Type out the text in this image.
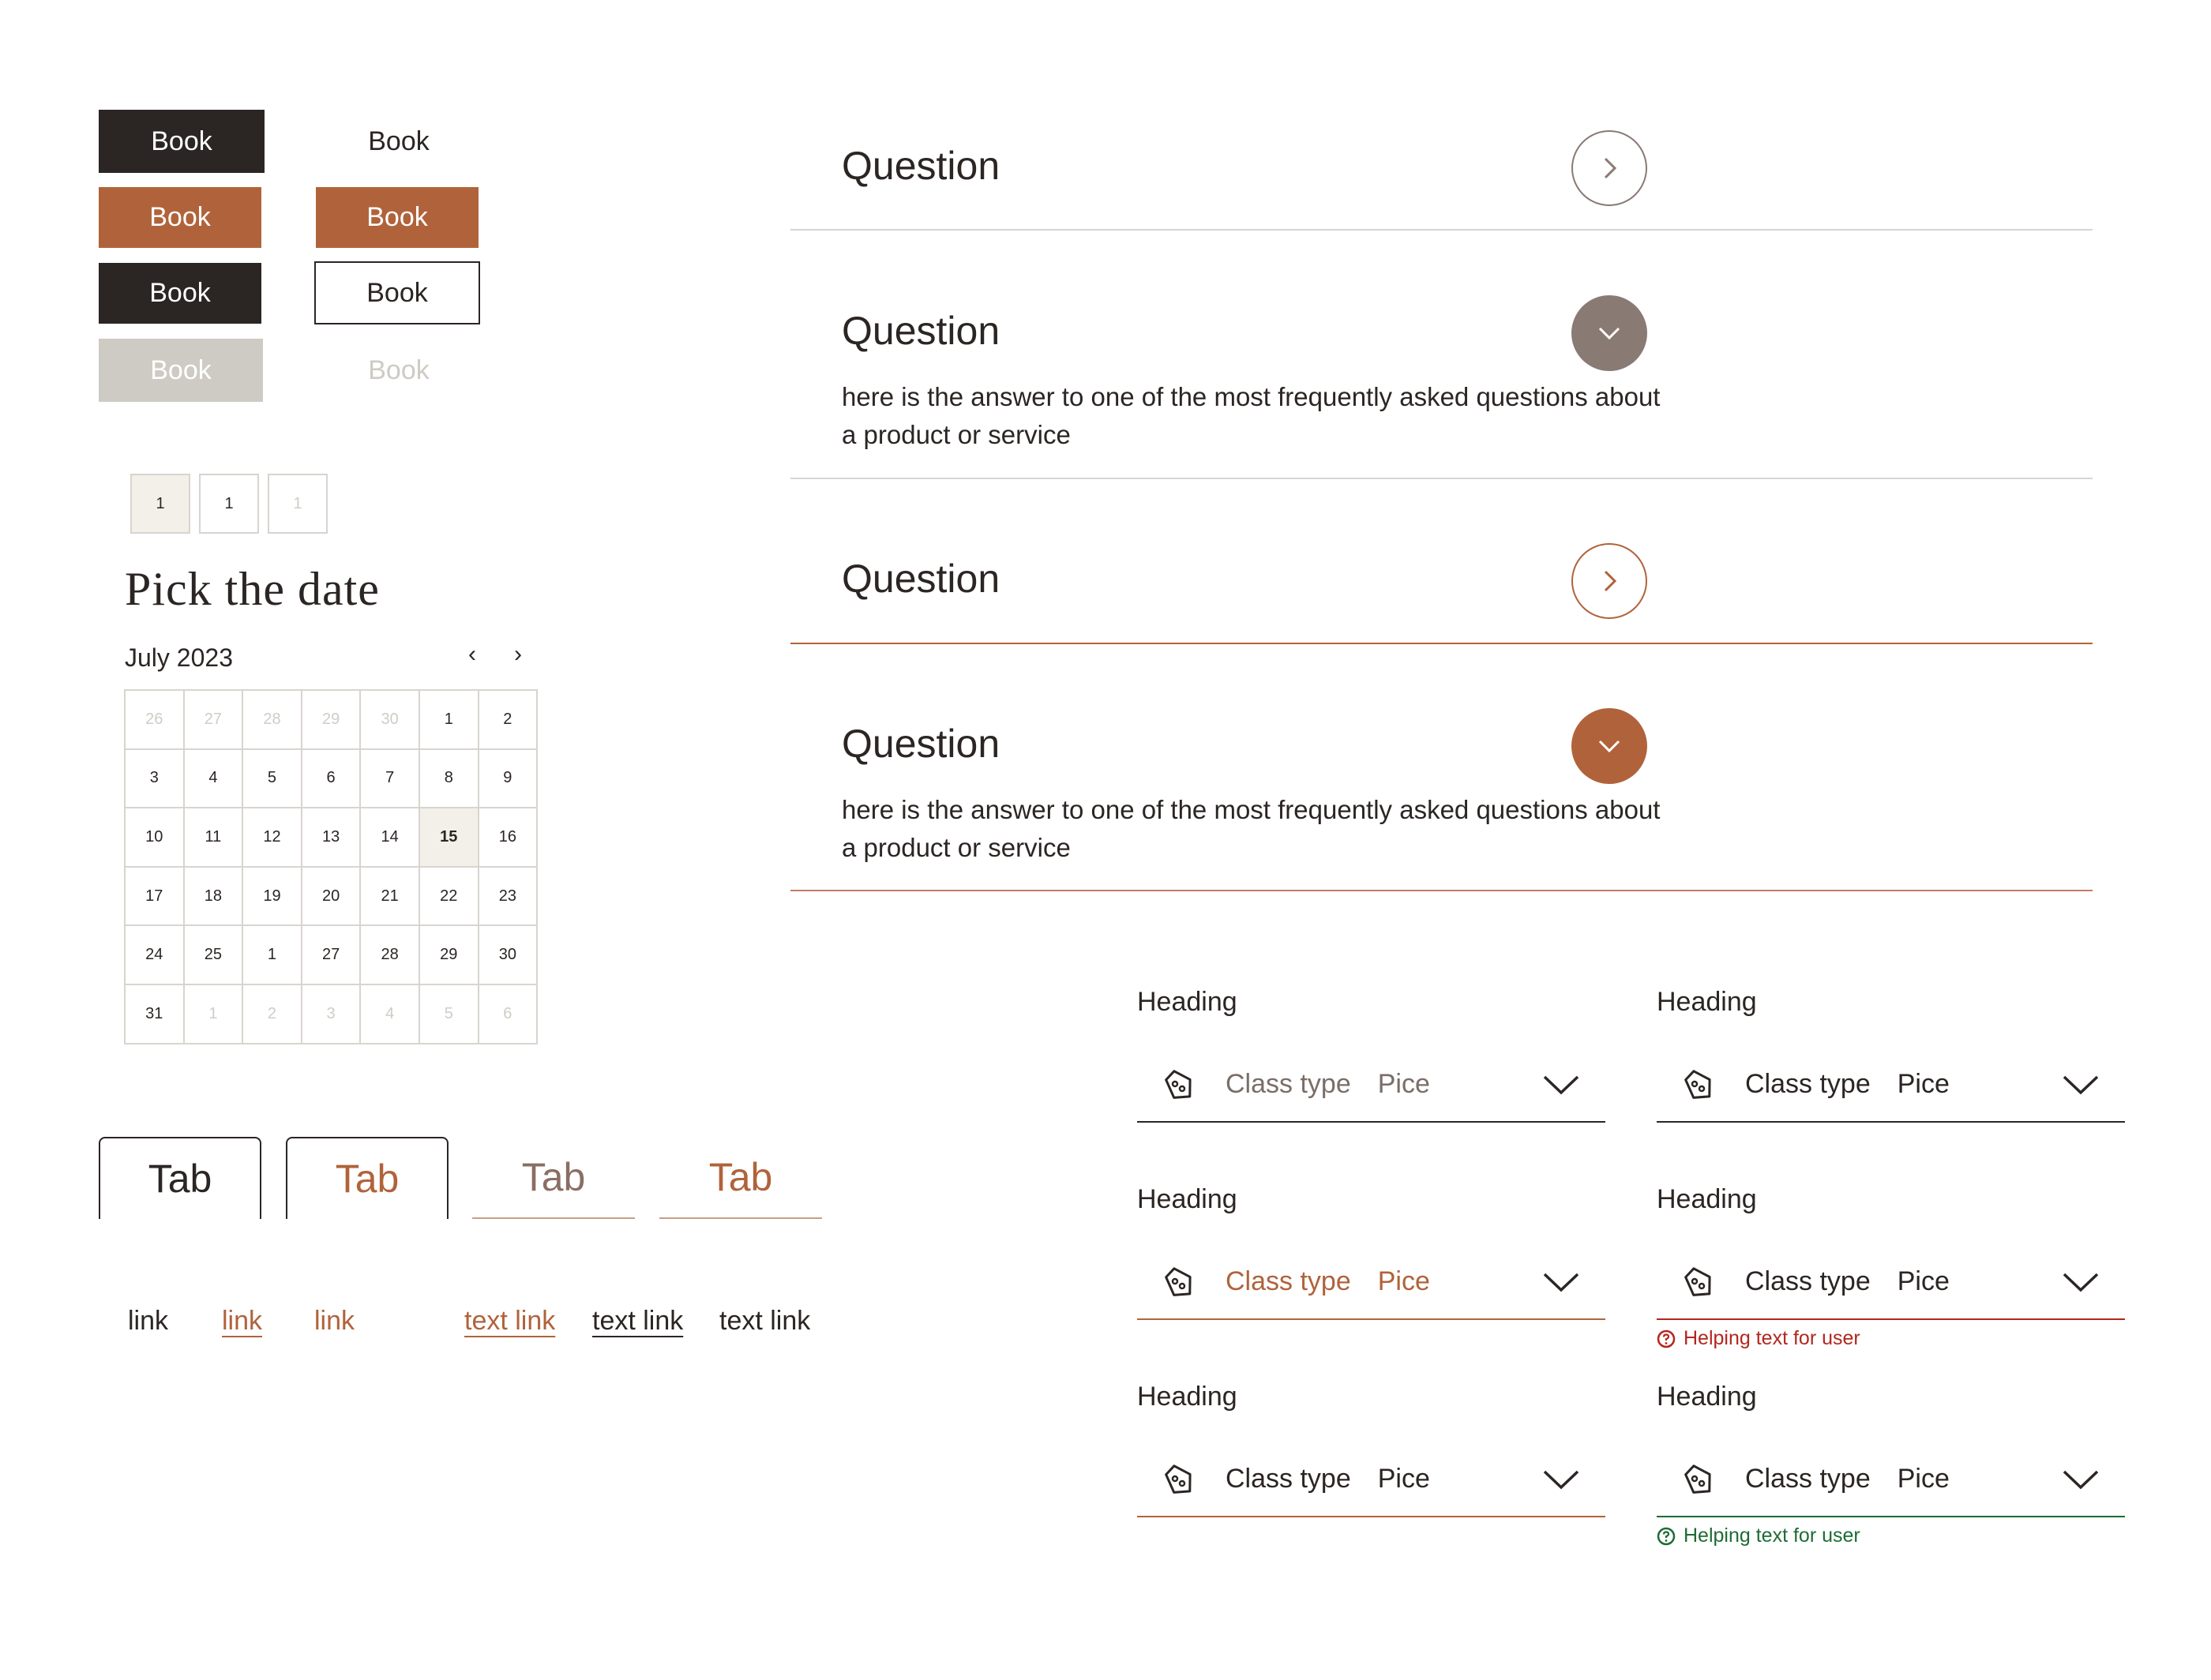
Book	Book
Book	Book
Book	Book
Book	Book
1	1	1
Pick the date
July 2023	‹	›
26	27	28	29	30	1	2
3	4	5	6	7	8	9
10	11	12	13	14	15	16
17	18	19	20	21	22	23
24	25	1	27	28	29	30
31	1	2	3	4	5	6
Tab	Tab	Tab	Tab
link link link	text link text link text link
Question
Question
here is the answer to one of the most frequently asked questions about a product or service
Question
Question
here is the answer to one of the most frequently asked questions about a product or service
Heading
Class type Pice
Heading
Class type Pice
Heading
Class type Pice
Heading
Class type Pice
Helping text for user
Heading
Class type Pice
Heading
Class type Pice
Helping text for user
